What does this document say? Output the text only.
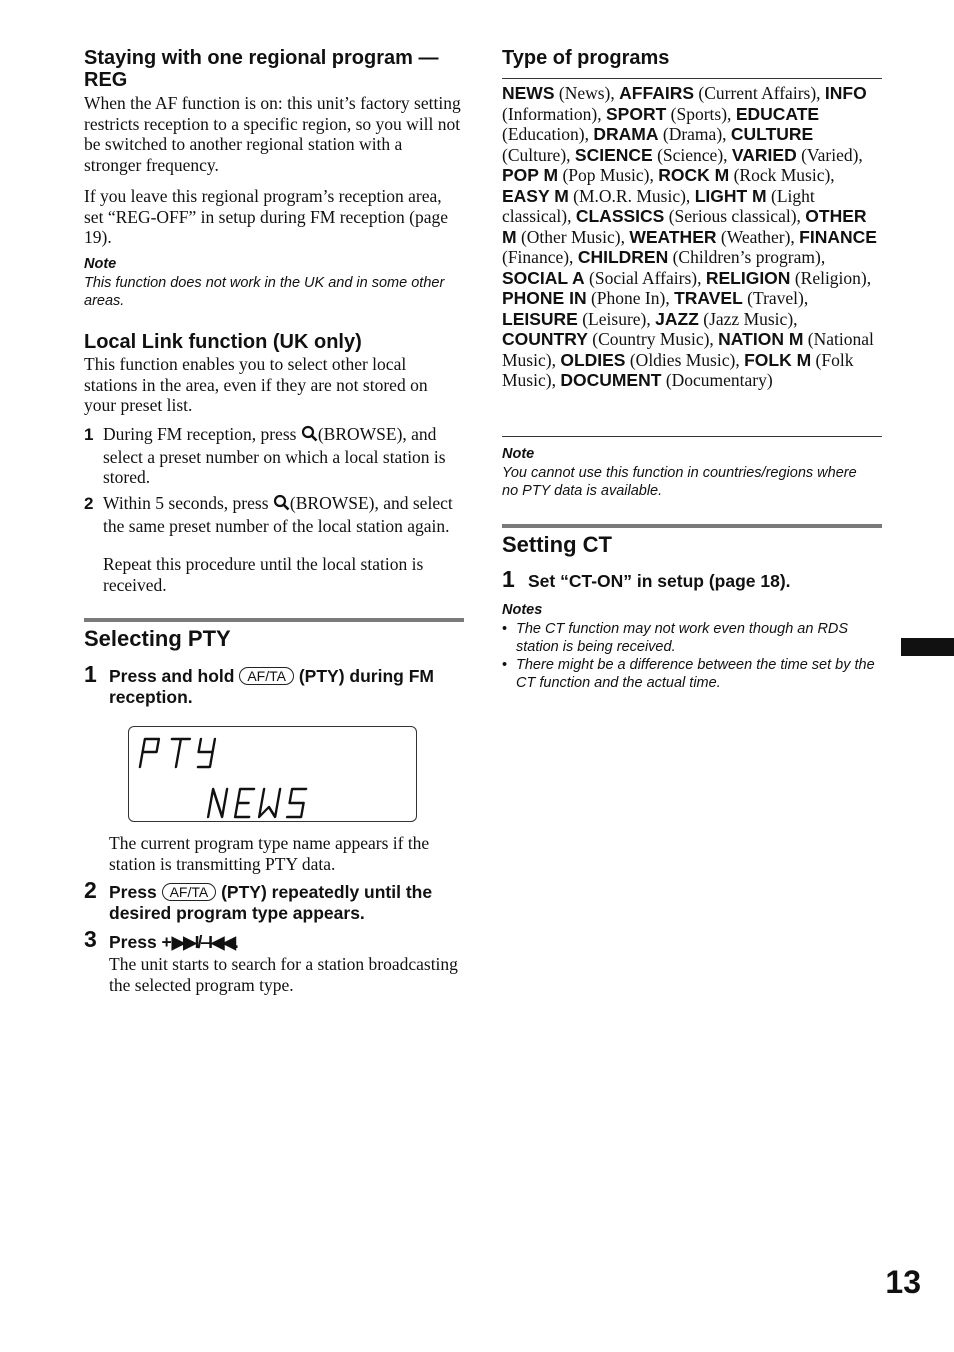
Staying with one regional program — REG
When the AF function is on: this unit’s factory setting restricts reception to a specific region, so you will not be switched to another regional station with a stronger frequency.
If you leave this regional program’s reception area, set “REG-OFF” in setup during FM reception (page 19).
Note
This function does not work in the UK and in some other areas.
Local Link function (UK only)
This function enables you to select other local stations in the area, even if they are not stored on your preset list.
1 During FM reception, press (BROWSE), and select a preset number on which a local station is stored.
2 Within 5 seconds, press (BROWSE), and select the same preset number of the local station again.
Repeat this procedure until the local station is received.
Selecting PTY
1 Press and hold AF/TA (PTY) during FM reception.
The current program type name appears if the station is transmitting PTY data.
2 Press AF/TA (PTY) repeatedly until the desired program type appears.
3 Press +▶▶I/–I◀◀.
The unit starts to search for a station broadcasting the selected program type.
Type of programs
NEWS (News), AFFAIRS (Current Affairs), INFO (Information), SPORT (Sports), EDUCATE (Education), DRAMA (Drama), CULTURE (Culture), SCIENCE (Science), VARIED (Varied), POP M (Pop Music), ROCK M (Rock Music), EASY M (M.O.R. Music), LIGHT M (Light classical), CLASSICS (Serious classical), OTHER M (Other Music), WEATHER (Weather), FINANCE (Finance), CHILDREN (Children’s program), SOCIAL A (Social Affairs), RELIGION (Religion), PHONE IN (Phone In), TRAVEL (Travel), LEISURE (Leisure), JAZZ (Jazz Music), COUNTRY (Country Music), NATION M (National Music), OLDIES (Oldies Music), FOLK M (Folk Music), DOCUMENT (Documentary)
Note
You cannot use this function in countries/regions where no PTY data is available.
Setting CT
1 Set “CT-ON” in setup (page 18).
Notes
• The CT function may not work even though an RDS station is being received.
• There might be a difference between the time set by the CT function and the actual time.
13
